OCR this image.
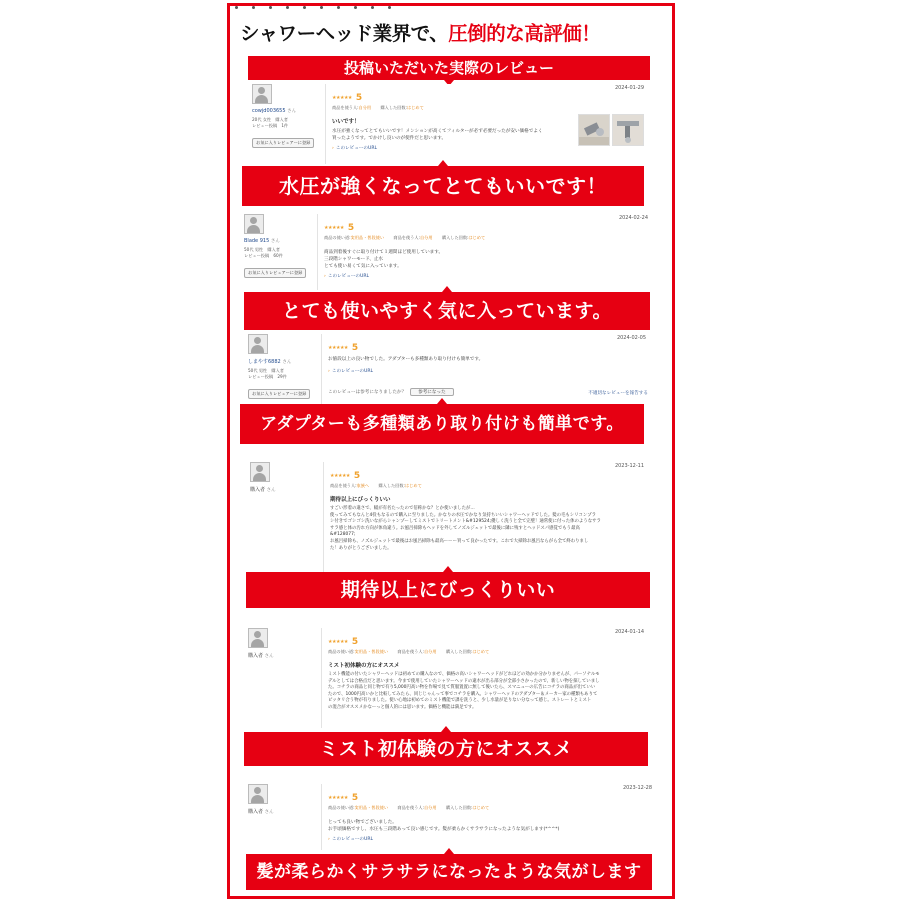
シャワーヘッド業界で、圧倒的な高評価！
投稿いただいた実際のレビュー
cowjd003655 さん
20代 女性　購入者
レビュー投稿　1件
お気に入りレビュアーに登録
★★★★★ 5
2024-01-29
商品を使う人:自分用 購入した回数:はじめて
いいです！
水圧が強くなってとてもいいです！メンションが高くてフィルターが必ず必要だったが安い価格でよく
買ったようです。でかけし良いのが使件だと思います。
› このレビューのURL
水圧が強くなってとてもいいです！
Blade 915 さん
50代 男性　購入者
レビュー投稿　60件
お気に入りレビュアーに登録
★★★★★ 5
2024-02-24
商品の使い道:実用品・普段使い 商品を使う人:自分用 購入した回数:はじめて
商品到着後すぐに取り付けて１週間ほど使用しています。
三段階シャワーモード、止水
とても使い易くて気に入っています。
› このレビューのURL
とても使いやすく気に入っています。
しまやす6882 さん
50代 男性　購入者
レビュー投稿　29件
お気に入りレビュアーに登録
★★★★★ 5
2024-02-05
お値段以上の良い物でした。アダプターも多種類あり取り付けも簡単です。
› このレビューのURL
このレビューは参考になりましたか？	参考になった	不適切なレビューを報告する
アダプターも多種類あり取り付けも簡単です。
購入者 さん
★★★★★ 5
2023-12-11
商品を使う人:家族へ 購入した回数:はじめて
期待以上にびっくりいい
すごい形着の違さで、幅が有名たったので倍称かな？とか使いましたが…
使ってみてもなんと4役もなるので購入に至りました。かなりの水圧でかなり気持ちいいシャワーヘッドでした。髪の毛もシリコンプラ
シ付きでゴシゴシ洗いながらシャンプーしてミストでトリートメント&#129524;優しく洗うと全て完璧！通常使に付った体のようなサラ
サラ感と体の汚れ方向が体角違う。お風呂掃除もヘッドを外してノズルジェットで最後に隣に残すとヘッドスパ感覚でもう最高
&#128077;
お風呂掃除も、ノズルジェットで最後はお風呂掃除も最高ーーー買って良かったです。これで大掃除お風呂ならがら全て終わりまし
た！ありがとうございました。
期待以上にびっくりいい
購入者 さん
★★★★★ 5
2024-01-14
商品の使い道:実用品・普段使い 商品を使う人:自分用 購入した回数:はじめて
ミスト初体験の方にオススメ
ミスト機能の付いたシャワーヘッドは初めての購入なので、価格の高いシャワーヘッドがどれほどの効かか分かりませんが、パーソナルモ
デルとしては合格点だと思います。今まで使用していたシャワーヘッドの違水が出る部分が全部小さかったので、新しい物を探していまし
た。コチラの商品と同じ物で有り5,000円高い物を作場で見て質服置置に無して後いたら、スマニューの広告にコチラの商品が出ていい
たので、1000円高いかと比較してみたら、同じじゃんって事でコチラを購入。シャワーヘッドのアダプター＆メーカー家の種類もありて
ピッタリ合う物が有りました。使い心地は初めてのミスト機能で課を洗うと、少し水量が足りない分なって感じ。ストレートとミスト
の混合がオススメかなーっと個人的には思います。価格と機能は満足です。
ミスト初体験の方にオススメ
購入者 さん
★★★★★ 5
2023-12-28
商品の使い道:実用品・普段使い 商品を使う人:自分用 購入した回数:はじめて
とっても良い物でございました。
お手頃価格ですし、水圧も三段階あって良い感じです。髪が柔らかくサラサラになったような気がします(*^^*)
› このレビューのURL
髪が柔らかくサラサラになったような気がします
